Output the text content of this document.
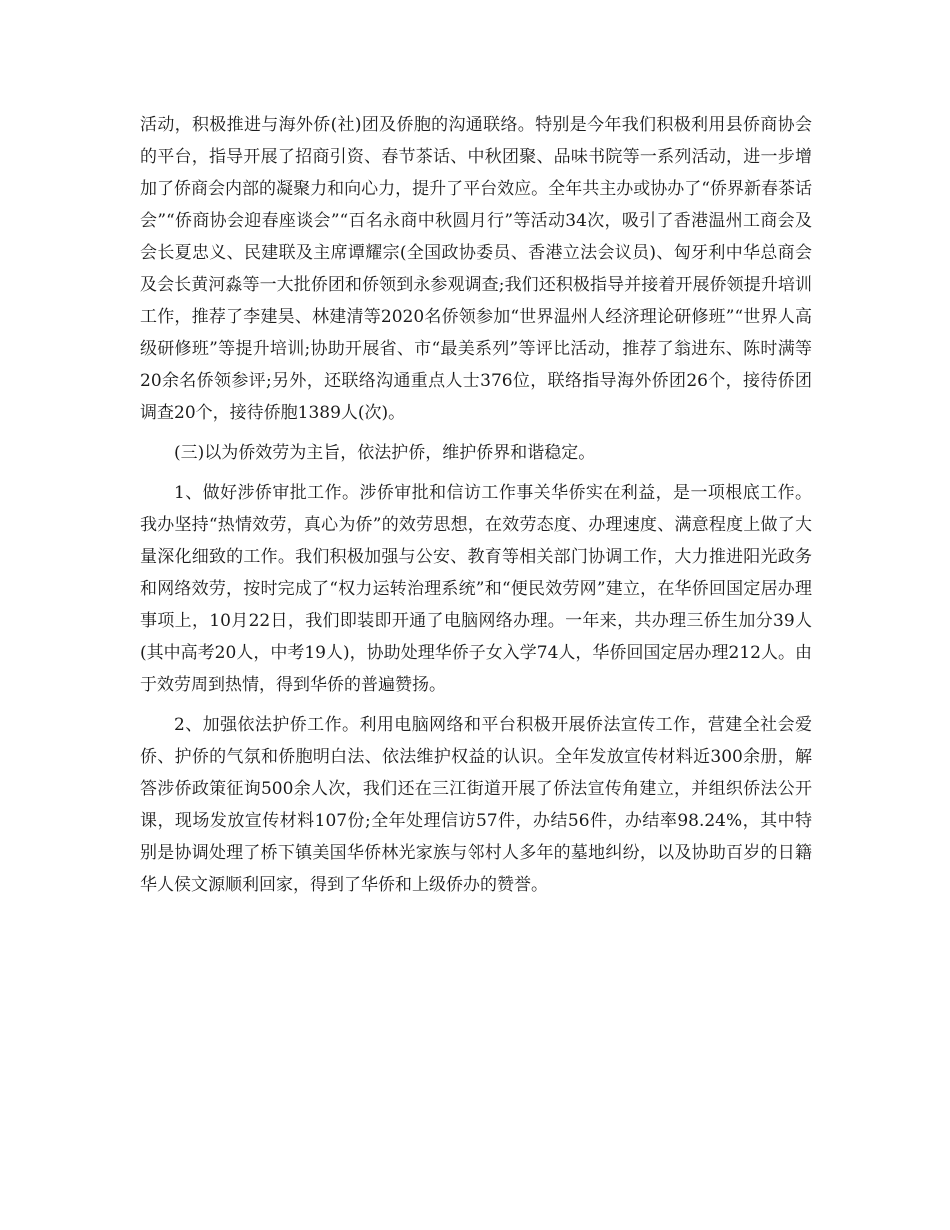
活动，积极推进与海外侨(社)团及侨胞的沟通联络。特别是今年我们积极利用县侨商协会的平台，指导开展了招商引资、春节茶话、中秋团聚、品味书院等一系列活动，进一步增加了侨商会内部的凝聚力和向心力，提升了平台效应。全年共主办或协办了“侨界新春茶话会”“侨商协会迎春座谈会”“百名永商中秋圆月行”等活动34次，吸引了香港温州工商会及会长夏忠义、民建联及主席谭耀宗(全国政协委员、香港立法会议员)、匈牙利中华总商会及会长黄河淼等一大批侨团和侨领到永参观调查;我们还积极指导并接着开展侨领提升培训工作，推荐了李建昊、林建清等2020名侨领参加“世界温州人经济理论研修班”“世界人高级研修班”等提升培训;协助开展省、市“最美系列”等评比活动，推荐了翁进东、陈时满等20余名侨领参评;另外，还联络沟通重点人士376位，联络指导海外侨团26个，接待侨团调查20个，接待侨胞1389人(次)。

(三)以为侨效劳为主旨，依法护侨，维护侨界和谐稳定。

1、做好涉侨审批工作。涉侨审批和信访工作事关华侨实在利益，是一项根底工作。我办坚持“热情效劳，真心为侨”的效劳思想，在效劳态度、办理速度、满意程度上做了大量深化细致的工作。我们积极加强与公安、教育等相关部门协调工作，大力推进阳光政务和网络效劳，按时完成了“权力运转治理系统”和“便民效劳网”建立，在华侨回国定居办理事项上，10月22日，我们即装即开通了电脑网络办理。一年来，共办理三侨生加分39人(其中高考20人，中考19人)，协助处理华侨子女入学74人，华侨回国定居办理212人。由于效劳周到热情，得到华侨的普遍赞扬。

2、加强依法护侨工作。利用电脑网络和平台积极开展侨法宣传工作，营建全社会爱侨、护侨的气氛和侨胞明白法、依法维护权益的认识。全年发放宣传材料近300余册，解答涉侨政策征询500余人次，我们还在三江街道开展了侨法宣传角建立，并组织侨法公开课，现场发放宣传材料107份;全年处理信访57件，办结56件，办结率98.24%，其中特别是协调处理了桥下镇美国华侨林光家族与邻村人多年的墓地纠纷，以及协助百岁的日籍华人侯文源顺利回家，得到了华侨和上级侨办的赞誉。
